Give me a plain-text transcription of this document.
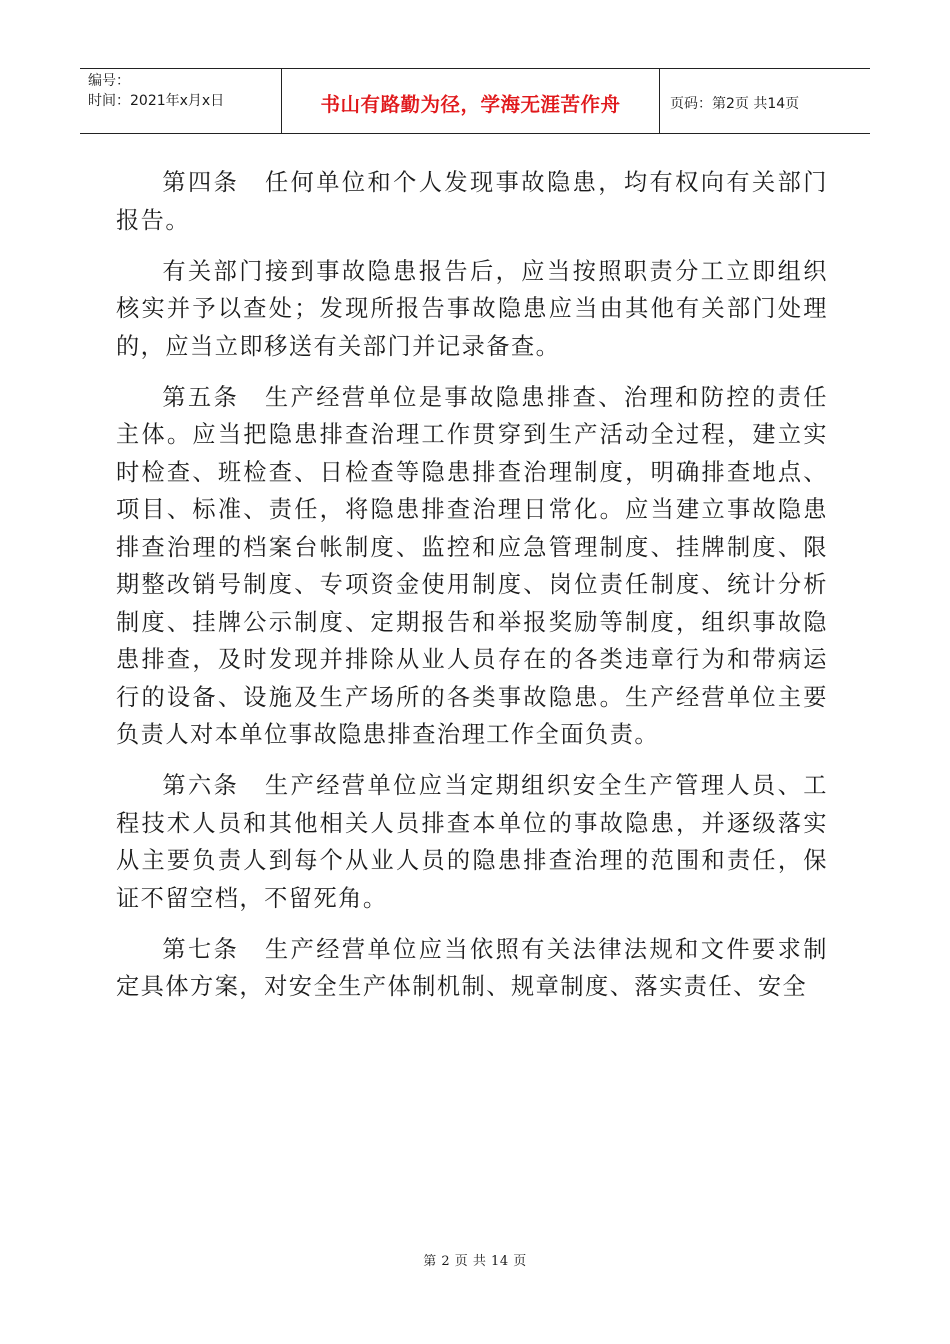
编号：
时间：2021年x月x日	书山有路勤为径，学海无涯苦作舟	页码：第2页 共14页

第四条　任何单位和个人发现事故隐患，均有权向有关部门报告。

有关部门接到事故隐患报告后，应当按照职责分工立即组织核实并予以查处；发现所报告事故隐患应当由其他有关部门处理的，应当立即移送有关部门并记录备查。

第五条　生产经营单位是事故隐患排查、治理和防控的责任主体。应当把隐患排查治理工作贯穿到生产活动全过程，建立实时检查、班检查、日检查等隐患排查治理制度，明确排查地点、项目、标准、责任，将隐患排查治理日常化。应当建立事故隐患排查治理的档案台帐制度、监控和应急管理制度、挂牌制度、限期整改销号制度、专项资金使用制度、岗位责任制度、统计分析制度、挂牌公示制度、定期报告和举报奖励等制度，组织事故隐患排查，及时发现并排除从业人员存在的各类违章行为和带病运行的设备、设施及生产场所的各类事故隐患。生产经营单位主要负责人对本单位事故隐患排查治理工作全面负责。

第六条　生产经营单位应当定期组织安全生产管理人员、工程技术人员和其他相关人员排查本单位的事故隐患，并逐级落实从主要负责人到每个从业人员的隐患排查治理的范围和责任，保证不留空档，不留死角。

第七条　生产经营单位应当依照有关法律法规和文件要求制定具体方案，对安全生产体制机制、规章制度、落实责任、安全

第 2 页 共 14 页
